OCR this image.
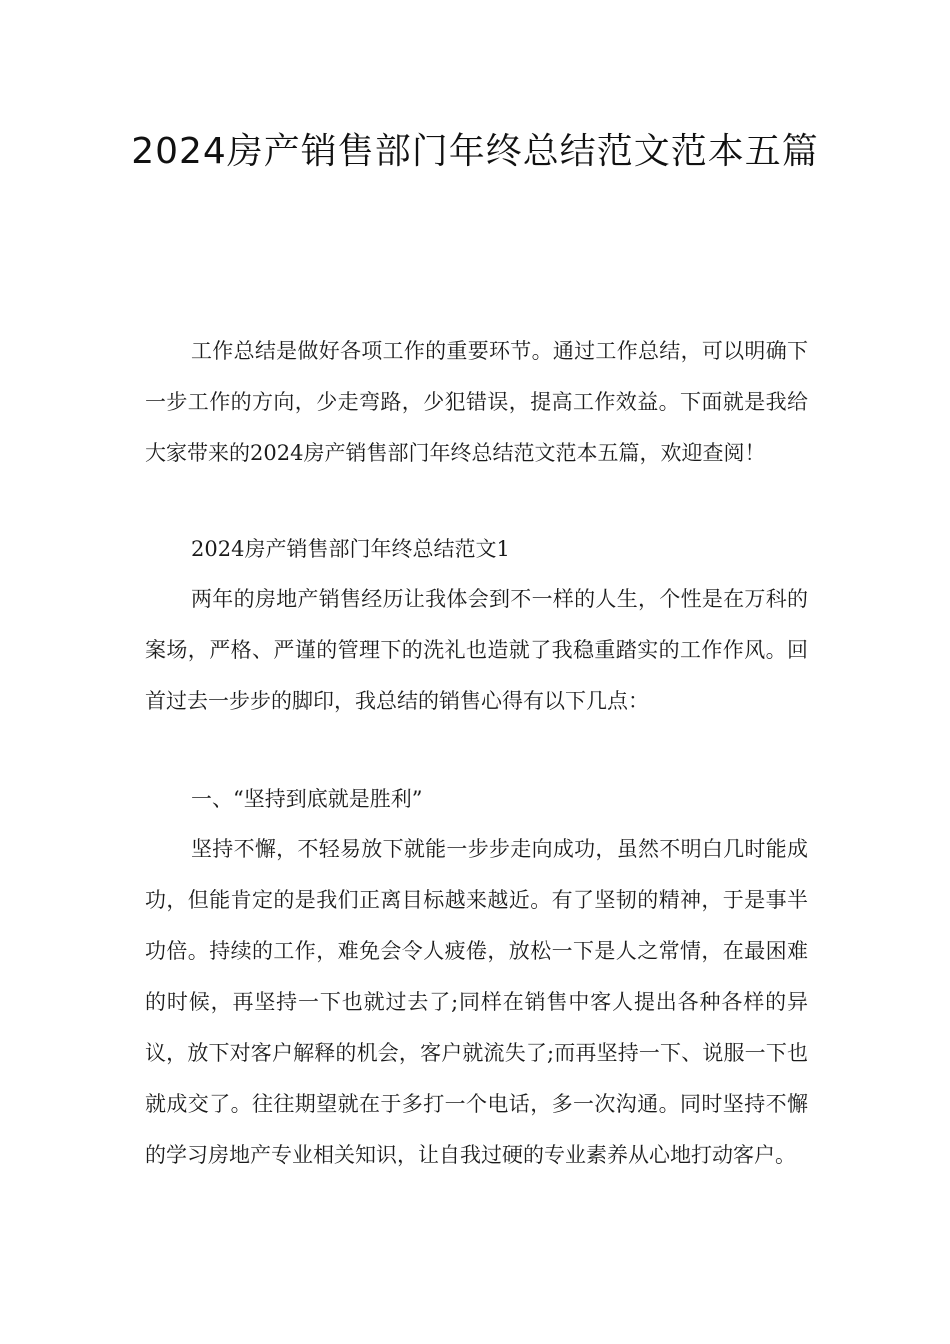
2024房产销售部门年终总结范文范本五篇

工作总结是做好各项工作的重要环节。通过工作总结，可以明确下一步工作的方向，少走弯路，少犯错误，提高工作效益。下面就是我给大家带来的2024房产销售部门年终总结范文范本五篇，欢迎查阅！

2024房产销售部门年终总结范文1

两年的房地产销售经历让我体会到不一样的人生，个性是在万科的案场，严格、严谨的管理下的洗礼也造就了我稳重踏实的工作作风。回首过去一步步的脚印，我总结的销售心得有以下几点：

一、“坚持到底就是胜利”

坚持不懈，不轻易放下就能一步步走向成功，虽然不明白几时能成功，但能肯定的是我们正离目标越来越近。有了坚韧的精神，于是事半功倍。持续的工作，难免会令人疲倦，放松一下是人之常情，在最困难的时候，再坚持一下也就过去了;同样在销售中客人提出各种各样的异议，放下对客户解释的机会，客户就流失了;而再坚持一下、说服一下也就成交了。往往期望就在于多打一个电话，多一次沟通。同时坚持不懈的学习房地产专业相关知识，让自我过硬的专业素养从心地打动客户。
